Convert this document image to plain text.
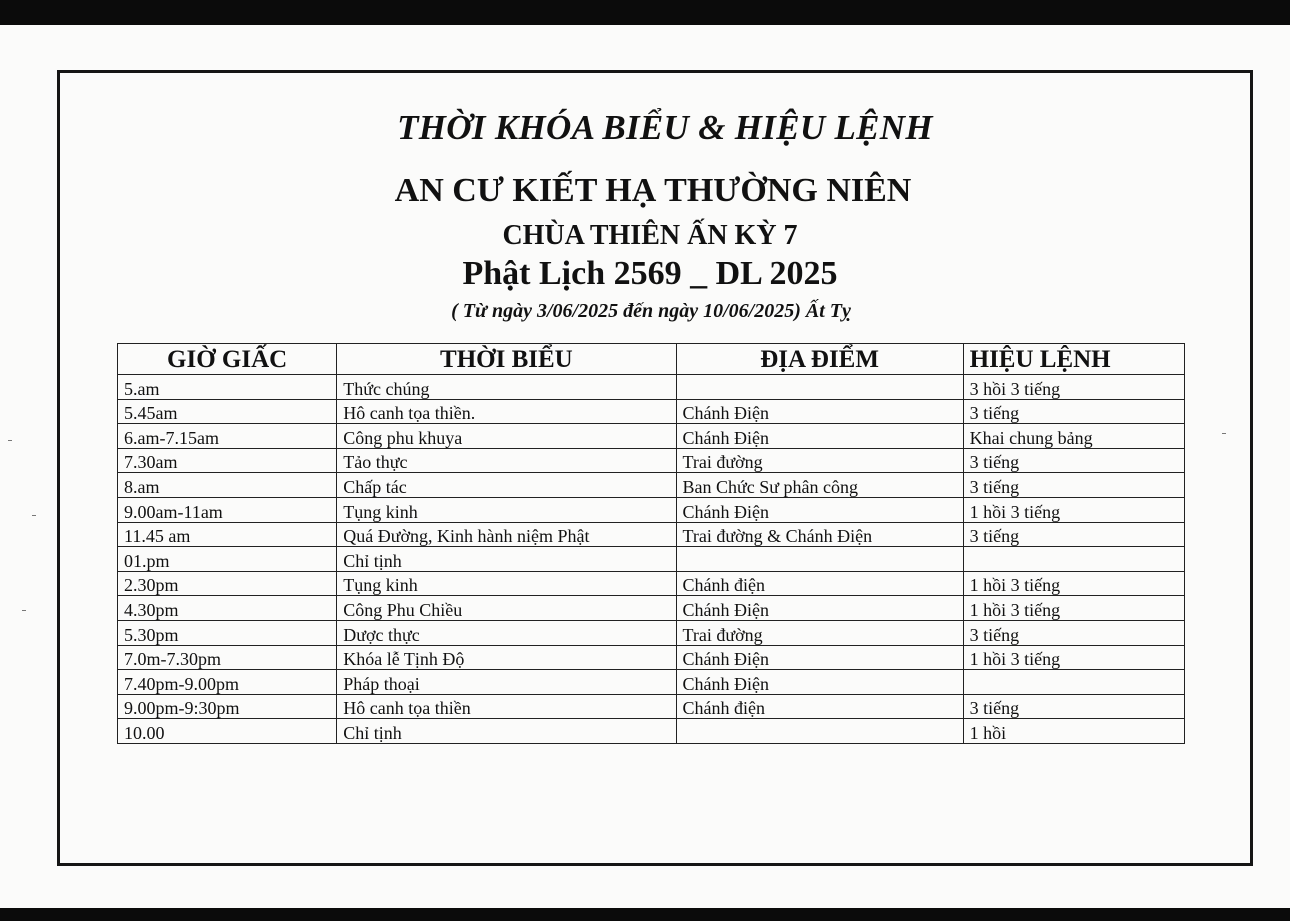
THỜI KHÓA BIỂU & HIỆU LỆNH
AN CƯ KIẾT HẠ THƯỜNG NIÊN
CHÙA THIÊN ẤN KỲ 7
Phật Lịch 2569 _ DL 2025
( Từ ngày 3/06/2025 đến ngày 10/06/2025) Ất Tỵ
GIỜ GIẤC	THỜI BIỂU	ĐỊA ĐIỂM	HIỆU LỆNH
5.am	Thức chúng		3 hồi 3 tiếng
5.45am	Hô canh tọa thiền.	Chánh Điện	3 tiếng
6.am-7.15am	Công phu khuya	Chánh Điện	Khai chung bảng
7.30am	Tảo thực	Trai đường	3 tiếng
8.am	Chấp tác	Ban Chức Sư phân công	3 tiếng
9.00am-11am	Tụng kinh	Chánh Điện	1 hồi 3 tiếng
11.45 am	Quá Đường, Kinh hành niệm Phật	Trai đường & Chánh Điện	3 tiếng
01.pm	Chỉ tịnh		
2.30pm	Tụng kinh	Chánh điện	1 hồi 3 tiếng
4.30pm	Công Phu Chiều	Chánh Điện	1 hồi 3 tiếng
5.30pm	Dược thực	Trai đường	3 tiếng
7.0m-7.30pm	Khóa lễ Tịnh Độ	Chánh Điện	1 hồi 3 tiếng
7.40pm-9.00pm	Pháp thoại	Chánh Điện	
9.00pm-9:30pm	Hô canh tọa thiền	Chánh điện	3 tiếng
10.00	Chỉ tịnh		1 hồi
